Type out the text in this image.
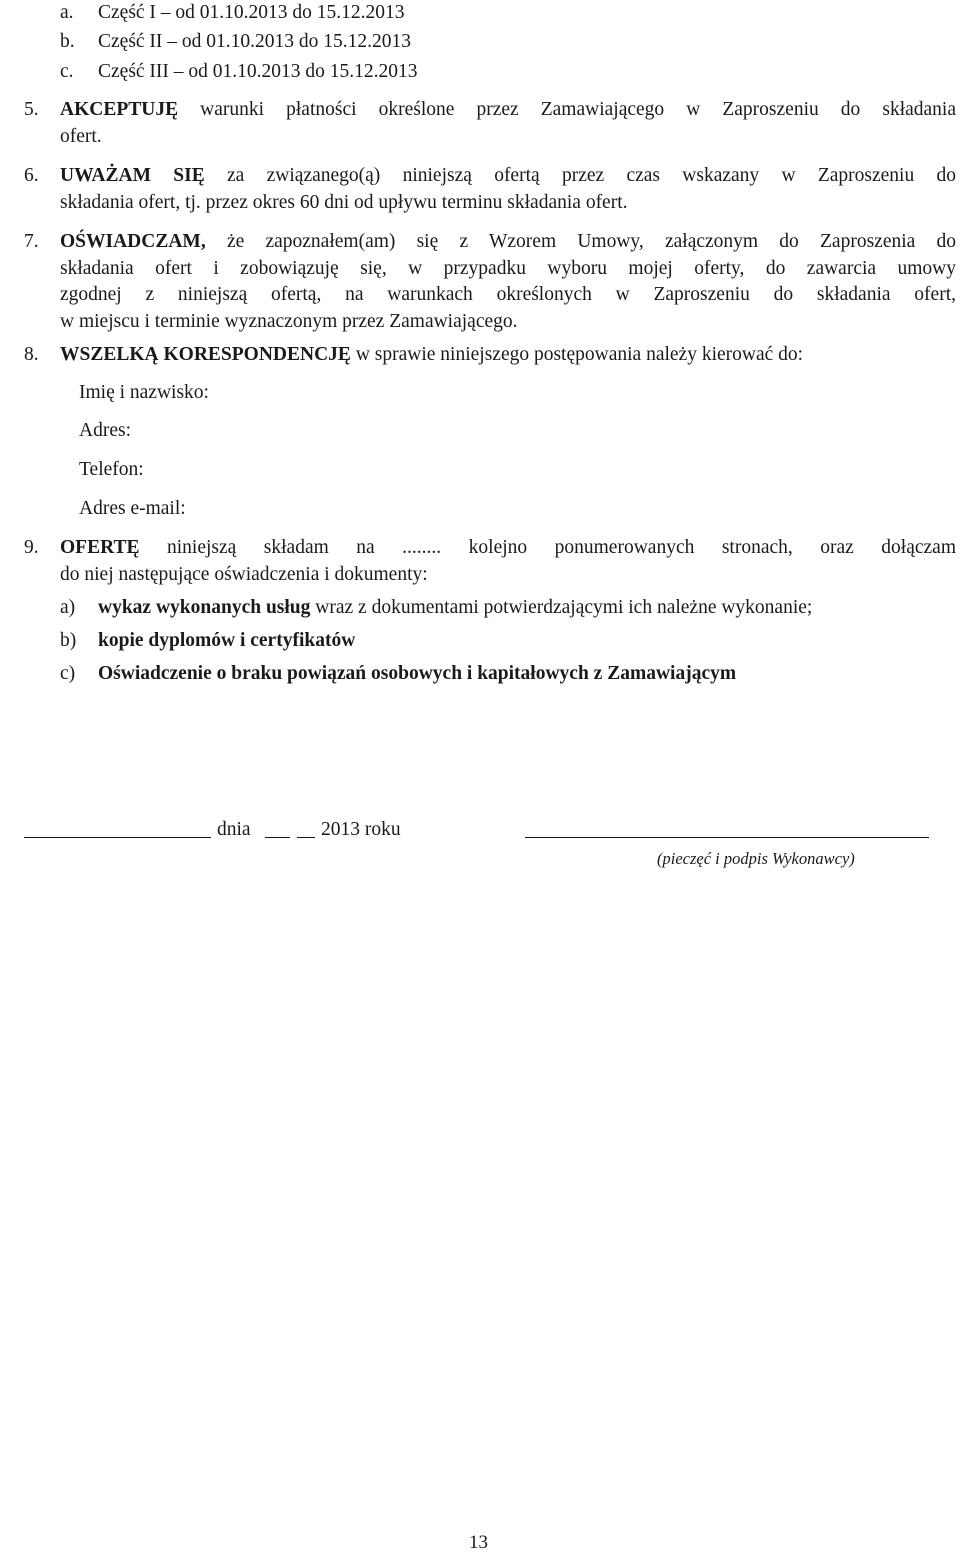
a. Część I – od 01.10.2013 do 15.12.2013
b. Część II – od 01.10.2013 do 15.12.2013
c. Część III – od 01.10.2013 do 15.12.2013
5. AKCEPTUJĘ warunki płatności określone przez Zamawiającego w Zaproszeniu do składania
ofert.
6. UWAŻAM SIĘ za związanego(ą) niniejszą ofertą przez czas wskazany w Zaproszeniu do
składania ofert, tj. przez okres 60 dni od upływu terminu składania ofert.
7. OŚWIADCZAM, że zapoznałem(am) się z Wzorem Umowy, załączonym do Zaproszenia do
składania ofert i zobowiązuję się, w przypadku wyboru mojej oferty, do zawarcia umowy
zgodnej z niniejszą ofertą, na warunkach określonych w Zaproszeniu do składania ofert,
w miejscu i terminie wyznaczonym przez Zamawiającego.
8. WSZELKĄ KORESPONDENCJĘ w sprawie niniejszego postępowania należy kierować do:
Imię i nazwisko:
Adres:
Telefon:
Adres e-mail:
9. OFERTĘ niniejszą składam na ........ kolejno ponumerowanych stronach, oraz dołączam
do niej następujące oświadczenia i dokumenty:
a) wykaz wykonanych usług wraz z dokumentami potwierdzającymi ich należne wykonanie;
b) kopie dyplomów i certyfikatów
c) Oświadczenie o braku powiązań osobowych i kapitałowych z Zamawiającym
dnia	2013 roku
(pieczęć i podpis Wykonawcy)
13
